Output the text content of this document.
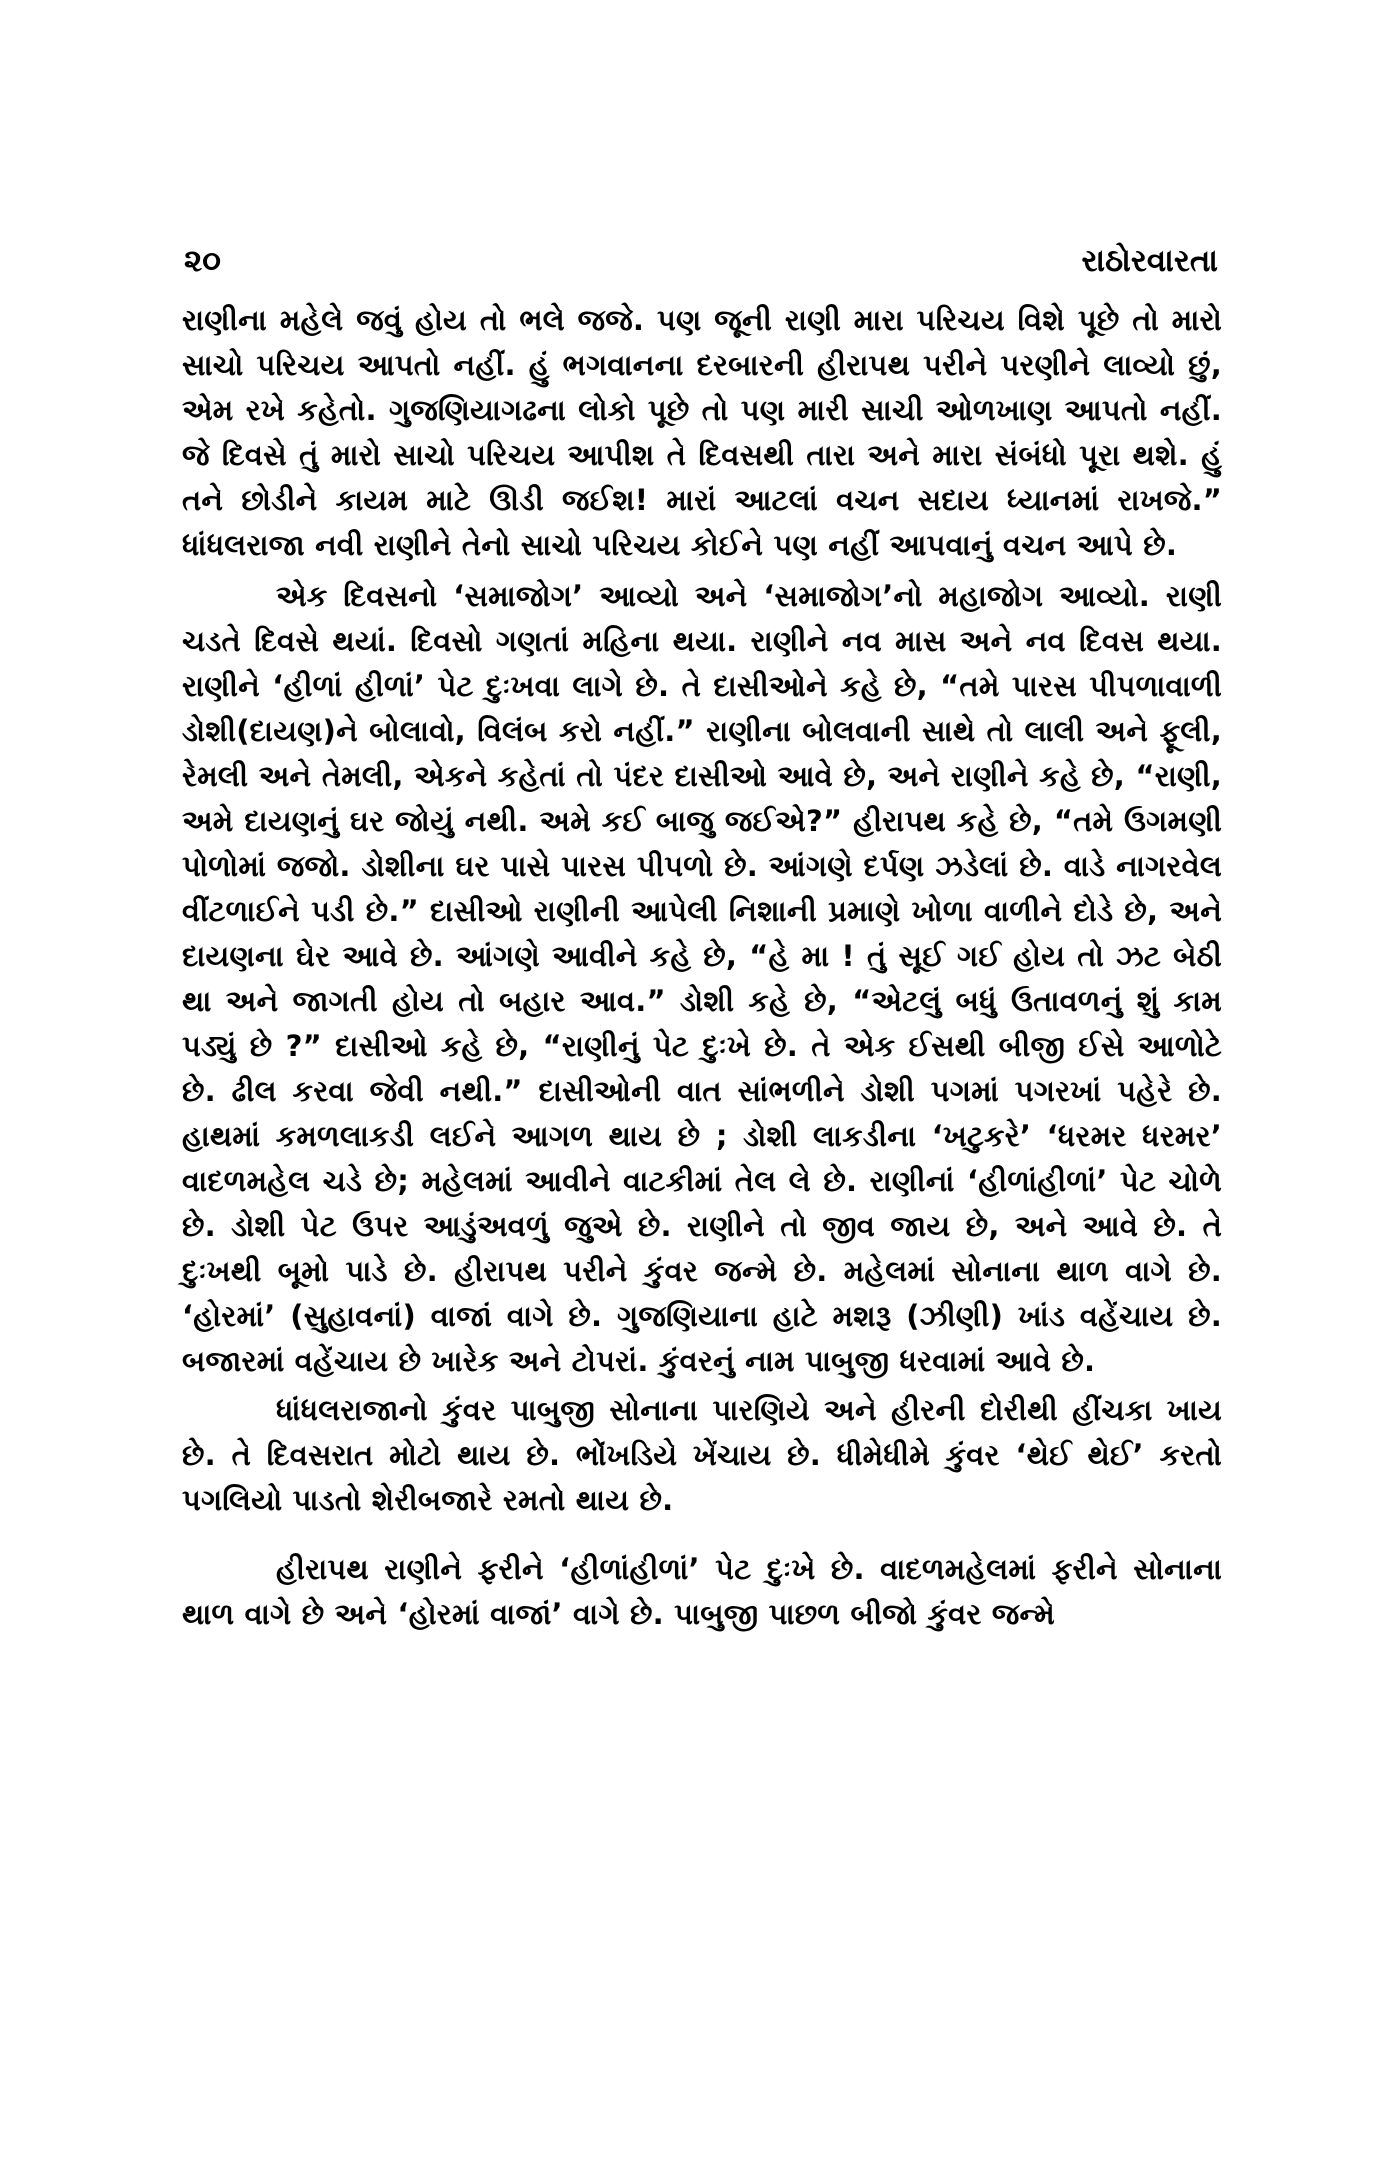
૨૦	રાઠોરવારતા

રાણીના મહેલે જવું હોય તો ભલે જજે. પણ જૂની રાણી મારા પરિચય વિશે પૂછે તો મારો સાચો પરિચય આપતો નહીં. હું ભગવાનના દરબારની હીરાપથ પરીને પરણીને લાવ્યો છું, એમ રખે કહેતો. ગુજણિયાગઢના લોકો પૂછે તો પણ મારી સાચી ઓળખાણ આપતો નહીં. જે દિવસે તું મારો સાચો પરિચય આપીશ તે દિવસથી તારા અને મારા સંબંધો પૂરા થશે. હું તને છોડીને કાયમ માટે ઊડી જઈશ! મારાં આટલાં વચન સદાય ધ્યાનમાં રાખજે.” ધાંધલરાજા નવી રાણીને તેનો સાચો પરિચય કોઈને પણ નહીં આપવાનું વચન આપે છે.

એક દિવસનો ‘સમાજોગ’ આવ્યો અને ‘સમાજોગ’નો મહાજોગ આવ્યો. રાણી ચડતે દિવસે થયાં. દિવસો ગણતાં મહિના થયા. રાણીને નવ માસ અને નવ દિવસ થયા. રાણીને ‘હીળાં હીળાં’ પેટ દુઃખવા લાગે છે. તે દાસીઓને કહે છે, “તમે પારસ પીપળાવાળી ડોશી(દાયણ)ને બોલાવો, વિલંબ કરો નહીં.” રાણીના બોલવાની સાથે તો લાલી અને ફૂલી, રેમલી અને તેમલી, એકને કહેતાં તો પંદર દાસીઓ આવે છે, અને રાણીને કહે છે, “રાણી, અમે દાયણનું ઘર જોયું નથી. અમે કઈ બાજુ જઈએ?” હીરાપથ કહે છે, “તમે ઉગમણી પોળોમાં જજો. ડોશીના ઘર પાસે પારસ પીપળો છે. આંગણે દર્પણ ઝડેલાં છે. વાડે નાગરવેલ વીંટળાઈને પડી છે.” દાસીઓ રાણીની આપેલી નિશાની પ્રમાણે ખોળા વાળીને દોડે છે, અને દાયણના ઘેર આવે છે. આંગણે આવીને કહે છે, “હે મા ! તું સૂઈ ગઈ હોય તો ઝટ બેઠી થા અને જાગતી હોય તો બહાર આવ.” ડોશી કહે છે, “એટલું બધું ઉતાવળનું શું કામ પડ્યું છે ?” દાસીઓ કહે છે, “રાણીનું પેટ દુઃખે છે. તે એક ઈસથી બીજી ઈસે આળોટે છે. ઢીલ કરવા જેવી નથી.” દાસીઓની વાત સાંભળીને ડોશી પગમાં પગરખાં પહેરે છે. હાથમાં કમળલાકડી લઈને આગળ થાય છે ; ડોશી લાકડીના ‘ખટુકરે’ ‘ધરમર ધરમર’ વાદળમહેલ ચડે છે; મહેલમાં આવીને વાટકીમાં તેલ લે છે. રાણીનાં ‘હીળાંહીળાં’ પેટ ચોળે છે. ડોશી પેટ ઉપર આડુંઅવળું જુએ છે. રાણીને તો જીવ જાય છે, અને આવે છે. તે દુઃખથી બૂમો પાડે છે. હીરાપથ પરીને કુંવર જન્મે છે. મહેલમાં સોનાના થાળ વાગે છે. ‘હોરમાં’ (સુહાવનાં) વાજાં વાગે છે. ગુજણિયાના હાટે મશરૂ (ઝીણી) ખાંડ વહેંચાય છે. બજારમાં વહેંચાય છે ખારેક અને ટોપરાં. કુંવરનું નામ પાબુજી ધરવામાં આવે છે.

ધાંધલરાજાનો કુંવર પાબુજી સોનાના પારણિયે અને હીરની દોરીથી હીંચકા ખાય છે. તે દિવસરાત મોટો થાય છે. ભોંખડિયે ખેંચાય છે. ધીમેધીમે કુંવર ‘થેઈ થેઈ’ કરતો પગલિયો પાડતો શેરીબજારે રમતો થાય છે.

હીરાપથ રાણીને ફરીને ‘હીળાંહીળાં’ પેટ દુઃખે છે. વાદળમહેલમાં ફરીને સોનાના થાળ વાગે છે અને ‘હોરમાં વાજાં’ વાગે છે. પાબુજી પાછળ બીજો કુંવર જન્મે
